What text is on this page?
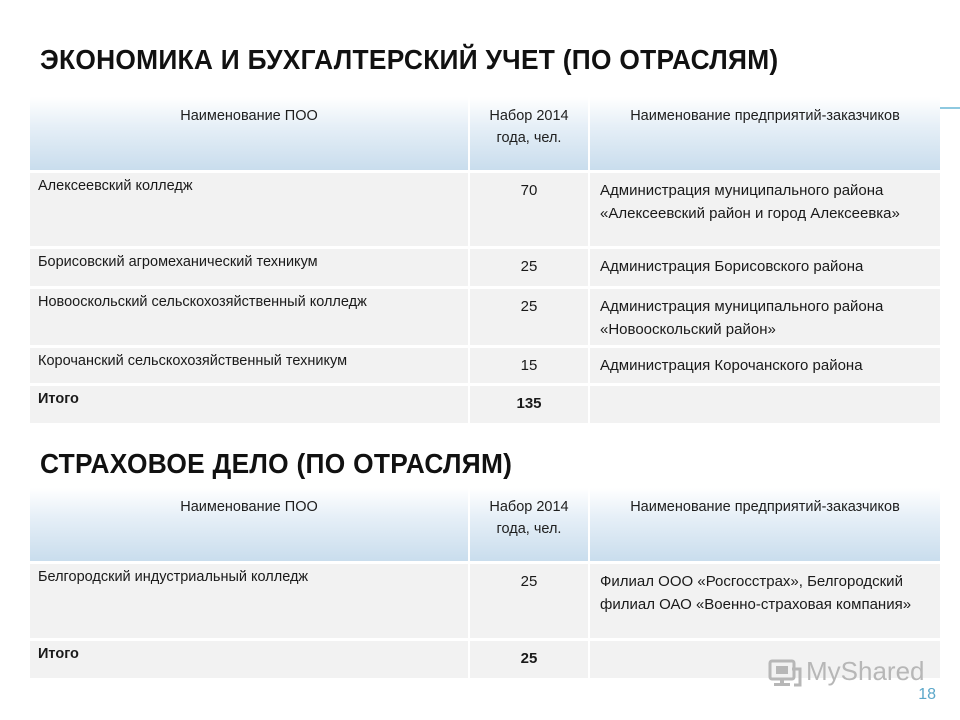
ЭКОНОМИКА И БУХГАЛТЕРСКИЙ УЧЕТ (ПО ОТРАСЛЯМ)
Наименование ПОО	Набор 2014 года, чел.	Наименование предприятий-заказчиков
Алексеевский колледж	70	Администрация муниципального района «Алексеевский район и город Алексеевка»
Борисовский агромеханический техникум	25	Администрация Борисовского района
Новооскольский сельскохозяйственный колледж	25	Администрация муниципального района «Новооскольский район»
Корочанский сельскохозяйственный техникум	15	Администрация Корочанского района
Итого	135	
СТРАХОВОЕ ДЕЛО (ПО ОТРАСЛЯМ)
Наименование ПОО	Набор 2014 года, чел.	Наименование предприятий-заказчиков
Белгородский индустриальный колледж	25	Филиал ООО «Росгосстрах», Белгородский филиал ОАО «Военно-страховая компания»
Итого	25		MyShared
18
